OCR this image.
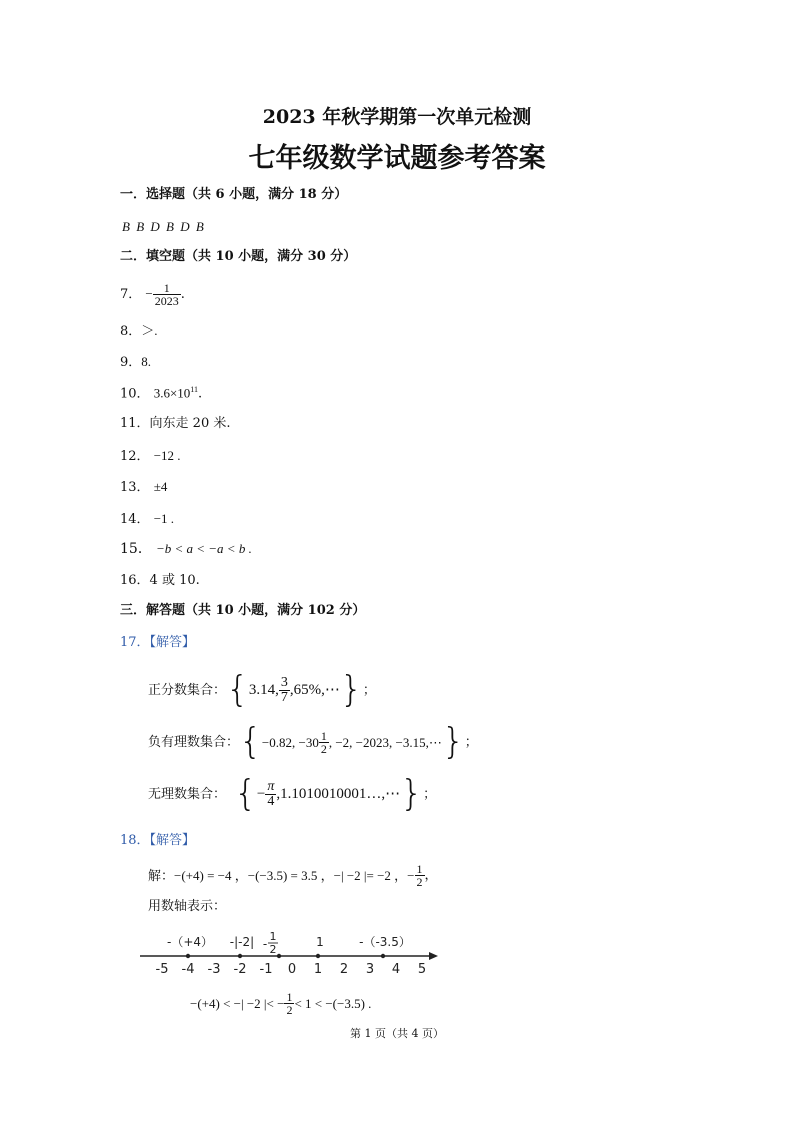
2023 年秋学期第一次单元检测
七年级数学试题参考答案
一．选择题（共 6 小题，满分 18 分）
B B D B D B
二．填空题（共 10 小题，满分 30 分）
7． − $\frac{1}{2023}$ .
8．＞.
9．8.
10． $3.6\times 10^{11}$.
11．向东走 20 米.
12． −12 .
13． ±4
14． −1 .
15． −b < a < −a < b .
16．4 或 10.
三．解答题（共 10 小题，满分 102 分）
17．【解答】
正分数集合： { 3.14, $\frac{3}{7}$ ,65%,⋯ } ；
负有理数集合： { −0.82, $-30 \frac{1}{2}$ , −2, −2023, −3.15,⋯ } ；
无理数集合： { − $\frac{\pi}{4}$ ,1.1010010001…,⋯ } ；
18．【解答】
解：−(+4) = −4 ，−(−3.5) = 3.5 ，−| −2 |= −2 ， − $\frac{1}{2}$ ，
用数轴表示：
-5 -4 -3 -2 -1 0 1 2 3 4 5
-（+4） -|-2| -
1
2
1	-（-3.5）
−(+4) < −| −2 |< − $\frac{1}{2} < 1 < -(-3.5)$ .
第 1 页（共 4 页）
